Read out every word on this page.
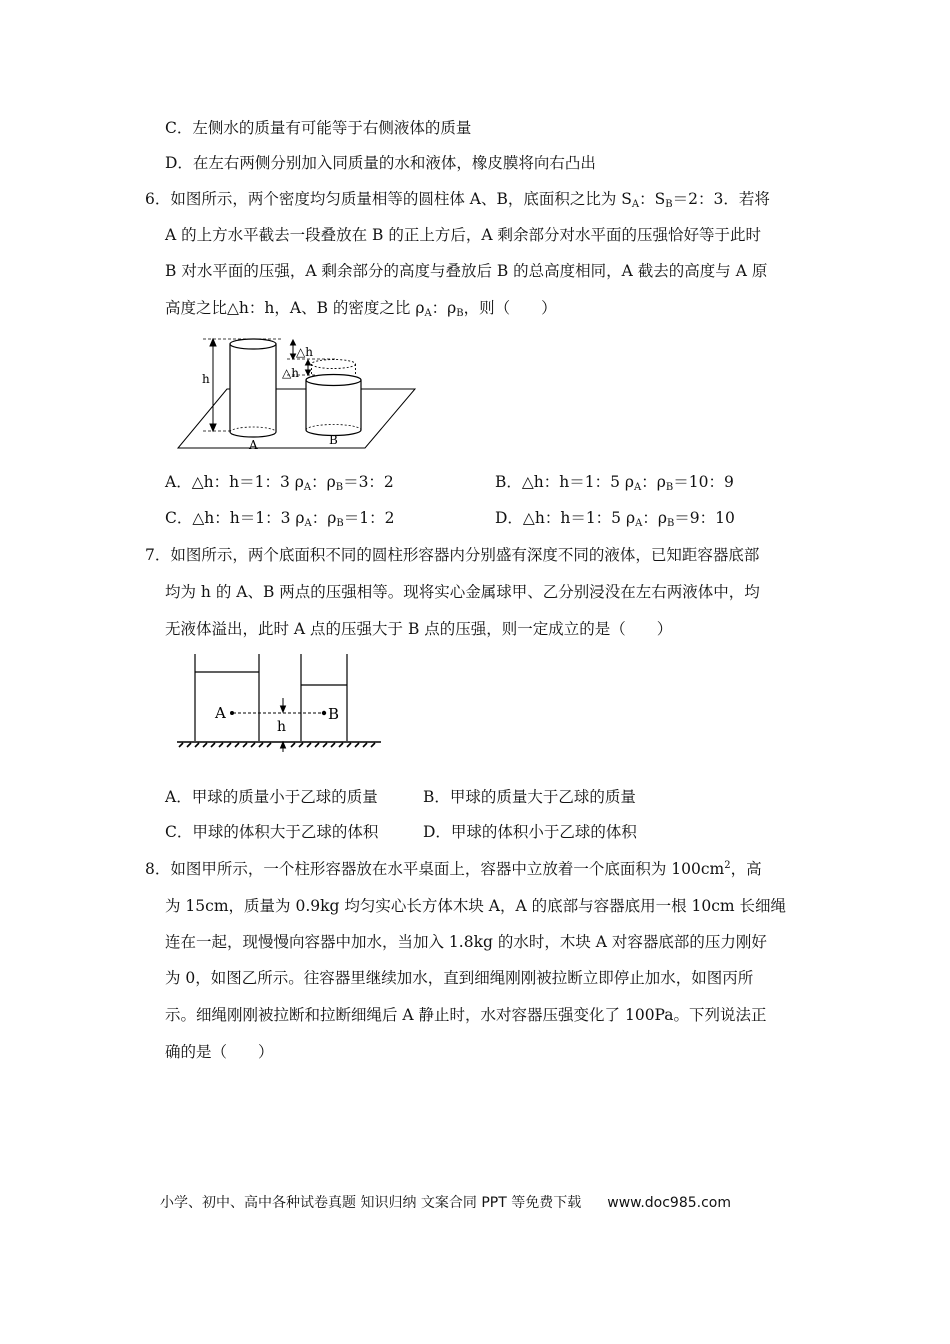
C．左侧水的质量有可能等于右侧液体的质量
D．在左右两侧分别加入同质量的水和液体，橡皮膜将向右凸出
6．如图所示，两个密度均匀质量相等的圆柱体 A、B，底面积之比为 $S_A$：$S_B=2$：3．若将
A 的上方水平截去一段叠放在 B 的正上方后，A 剩余部分对水平面的压强恰好等于此时
B 对水平面的压强，A 剩余部分的高度与叠放后 B 的总高度相同，A 截去的高度与 A 原
高度之比△h：h，A、B 的密度之比 $\rho_A$：$\rho_B$，则（　　）
h
△h
△h
A	B
A．△h：h＝1：3 $\rho_A$：$\rho_B=3$：2	B．△h：h＝1：5 $\rho_A$：$\rho_B=10$：9
C．△h：h＝1：3 $\rho_A$：$\rho_B=1$：2	D．△h：h＝1：5 $\rho_A$：$\rho_B=9$：10
7．如图所示，两个底面积不同的圆柱形容器内分别盛有深度不同的液体，已知距容器底部
均为 h 的 A、B 两点的压强相等。现将实心金属球甲、乙分别浸没在左右两液体中，均
无液体溢出，此时 A 点的压强大于 B 点的压强，则一定成立的是（　　）
A	B
h
A．甲球的质量小于乙球的质量	B．甲球的质量大于乙球的质量
C．甲球的体积大于乙球的体积	D．甲球的体积小于乙球的体积
8．如图甲所示，一个柱形容器放在水平桌面上，容器中立放着一个底面积为 $100cm^2$，高
为 15cm，质量为 0.9kg 均匀实心长方体木块 A，A 的底部与容器底用一根 10cm 长细绳
连在一起，现慢慢向容器中加水，当加入 1.8kg 的水时，木块 A 对容器底部的压力刚好
为 0，如图乙所示。往容器里继续加水，直到细绳刚刚被拉断立即停止加水，如图丙所
示。细绳刚刚被拉断和拉断细绳后 A 静止时，水对容器压强变化了 100Pa。下列说法正
确的是（　　）
小学、初中、高中各种试卷真题 知识归纳 文案合同 PPT 等免费下载 www.doc985.com
